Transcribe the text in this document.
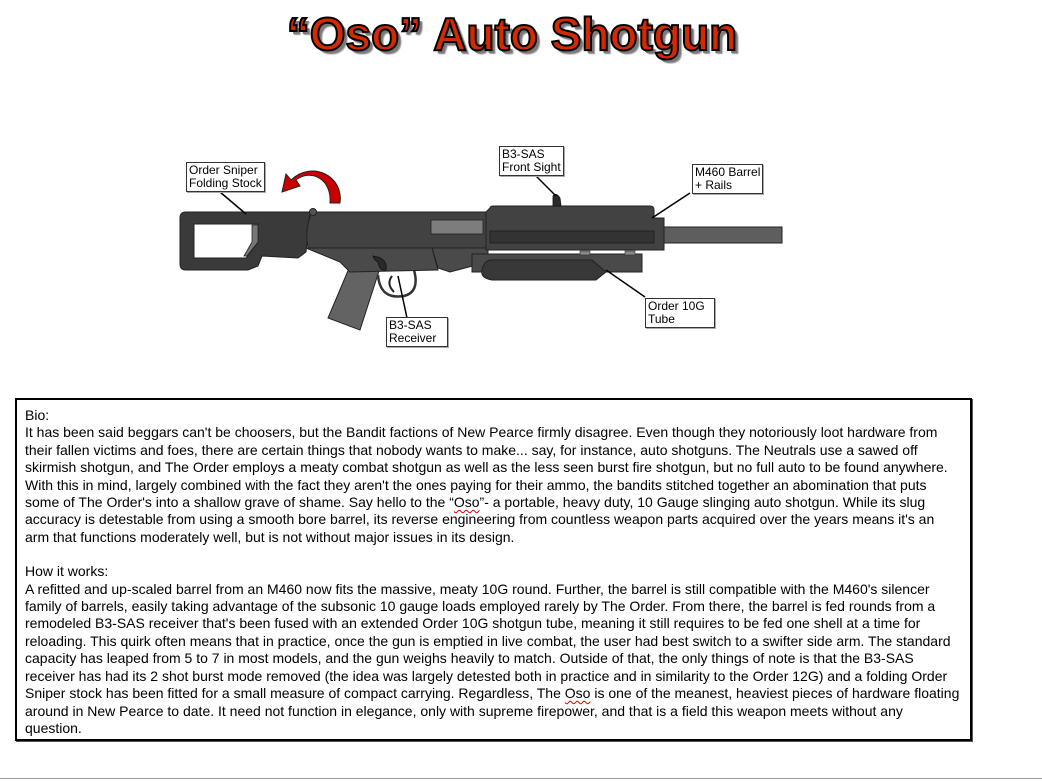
“Oso” Auto Shotgun
Order Sniper
Folding Stock
B3-SAS
Front Sight	M460 Barrel
+ Rails
Order 10G
Tube
B3-SAS
Receiver

Bio:

It has been said beggars can't be choosers, but the Bandit factions of New Pearce firmly disagree. Even though they notoriously loot hardware from their fallen victims and foes, there are certain things that nobody wants to make... say, for instance, auto shotguns. The Neutrals use a sawed off skirmish shotgun, and The Order employs a meaty combat shotgun as well as the less seen burst fire shotgun, but no full auto to be found anywhere. With this in mind, largely combined with the fact they aren't the ones paying for their ammo, the bandits stitched together an abomination that puts some of The Order's into a shallow grave of shame. Say hello to the “Oso”- a portable, heavy duty, 10 Gauge slinging auto shotgun. While its slug accuracy is detestable from using a smooth bore barrel, its reverse engineering from countless weapon parts acquired over the years means it's an arm that functions moderately well, but is not without major issues in its design.

How it works:

A refitted and up-scaled barrel from an M460 now fits the massive, meaty 10G round. Further, the barrel is still compatible with the M460's silencer family of barrels, easily taking advantage of the subsonic 10 gauge loads employed rarely by The Order. From there, the barrel is fed rounds from a remodeled B3-SAS receiver that's been fused with an extended Order 10G shotgun tube, meaning it still requires to be fed one shell at a time for reloading. This quirk often means that in practice, once the gun is emptied in live combat, the user had best switch to a swifter side arm. The standard capacity has leaped from 5 to 7 in most models, and the gun weighs heavily to match. Outside of that, the only things of note is that the B3-SAS receiver has had its 2 shot burst mode removed (the idea was largely detested both in practice and in similarity to the Order 12G) and a folding Order Sniper stock has been fitted for a small measure of compact carrying. Regardless, The Oso is one of the meanest, heaviest pieces of hardware floating around in New Pearce to date. It need not function in elegance, only with supreme firepower, and that is a field this weapon meets without any question.
